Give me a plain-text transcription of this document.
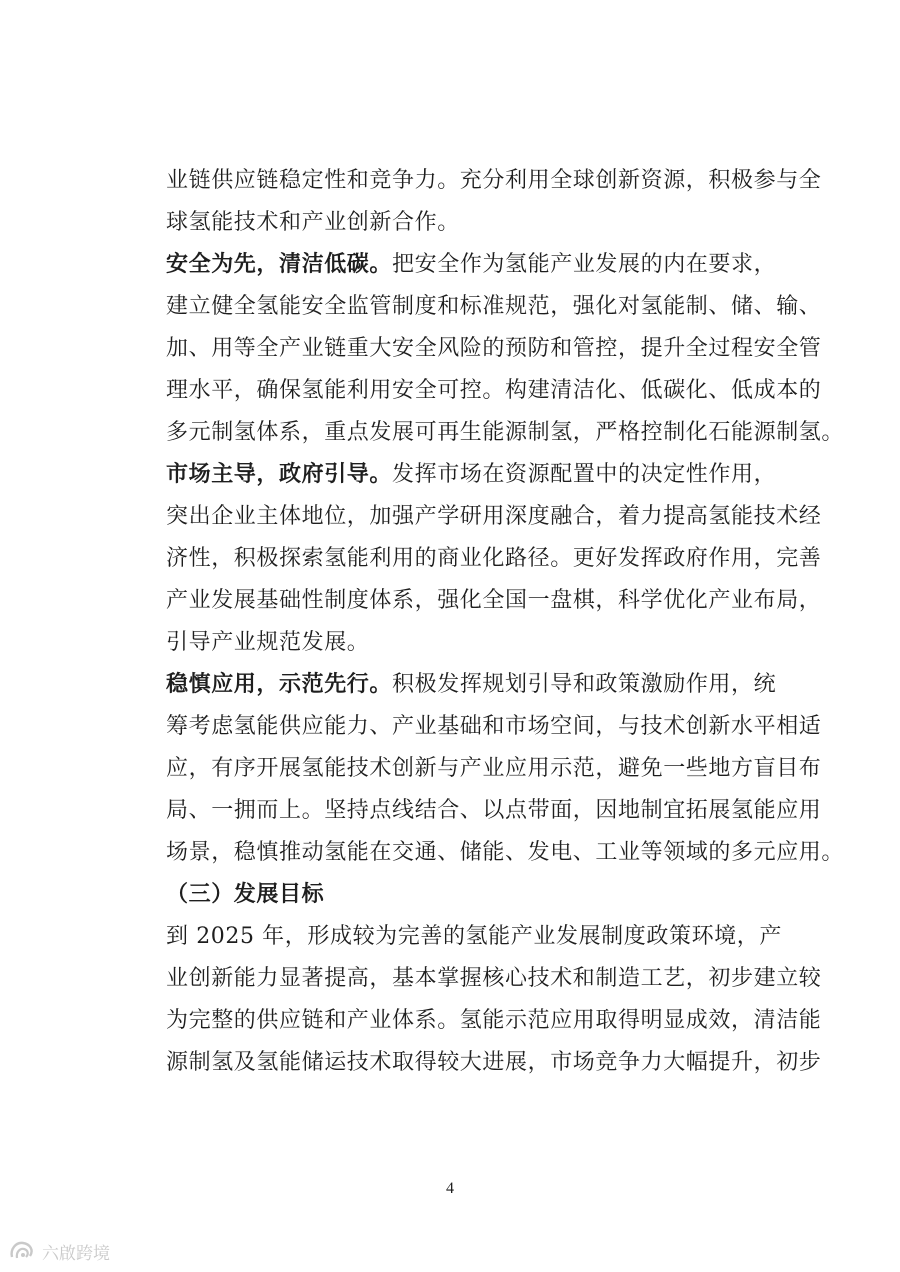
业链供应链稳定性和竞争力。充分利用全球创新资源，积极参与全
球氢能技术和产业创新合作。
安全为先，清洁低碳。把安全作为氢能产业发展的内在要求，
建立健全氢能安全监管制度和标准规范，强化对氢能制、储、输、
加、用等全产业链重大安全风险的预防和管控，提升全过程安全管
理水平，确保氢能利用安全可控。构建清洁化、低碳化、低成本的
多元制氢体系，重点发展可再生能源制氢，严格控制化石能源制氢。
市场主导，政府引导。发挥市场在资源配置中的决定性作用，
突出企业主体地位，加强产学研用深度融合，着力提高氢能技术经
济性，积极探索氢能利用的商业化路径。更好发挥政府作用，完善
产业发展基础性制度体系，强化全国一盘棋，科学优化产业布局，
引导产业规范发展。
稳慎应用，示范先行。积极发挥规划引导和政策激励作用，统
筹考虑氢能供应能力、产业基础和市场空间，与技术创新水平相适
应，有序开展氢能技术创新与产业应用示范，避免一些地方盲目布
局、一拥而上。坚持点线结合、以点带面，因地制宜拓展氢能应用
场景，稳慎推动氢能在交通、储能、发电、工业等领域的多元应用。
（三）发展目标
到 2025 年，形成较为完善的氢能产业发展制度政策环境，产
业创新能力显著提高，基本掌握核心技术和制造工艺，初步建立较
为完整的供应链和产业体系。氢能示范应用取得明显成效，清洁能
源制氢及氢能储运技术取得较大进展，市场竞争力大幅提升，初步
4
六啟跨境
